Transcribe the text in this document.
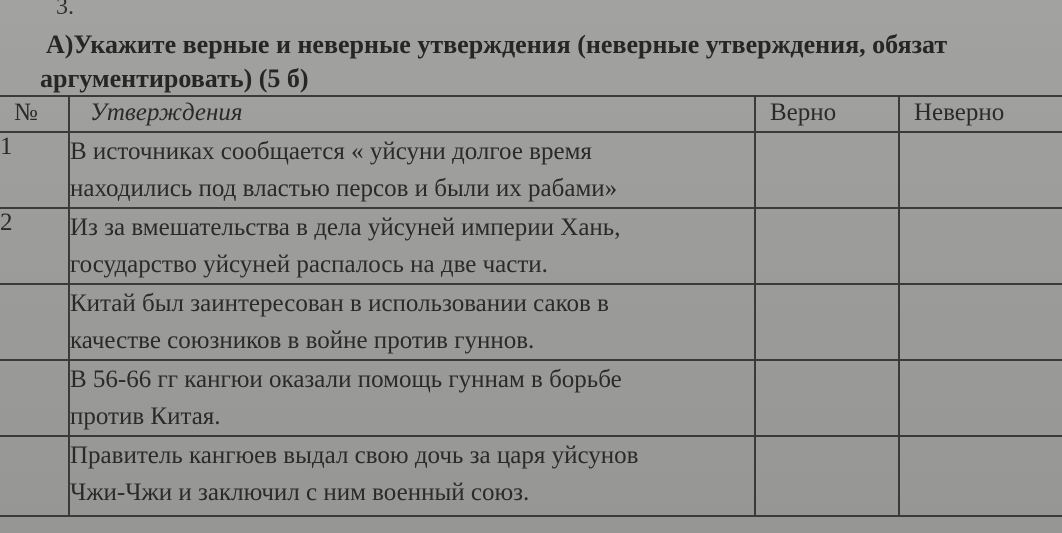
3.
А)Укажите верные и неверные утверждения (неверные утверждения, обязат
аргументировать) (5 б)
№	Утверждения	Верно	Неверно

1	В источниках сообщается « уйсуни долгое время
находились под властью персов и были их рабами»		

2	Из за вмешательства в дела уйсуней империи Хань,
государство уйсуней распалось на две части.		

	Китай был заинтересован в использовании саков в
качестве союзников в войне против гуннов.		

	В 56-66 гг кангюи оказали помощь гуннам в борьбе
против Китая.		

	Правитель кангюев выдал свою дочь за царя уйсунов
Чжи-Чжи и заключил с ним военный союз.		
